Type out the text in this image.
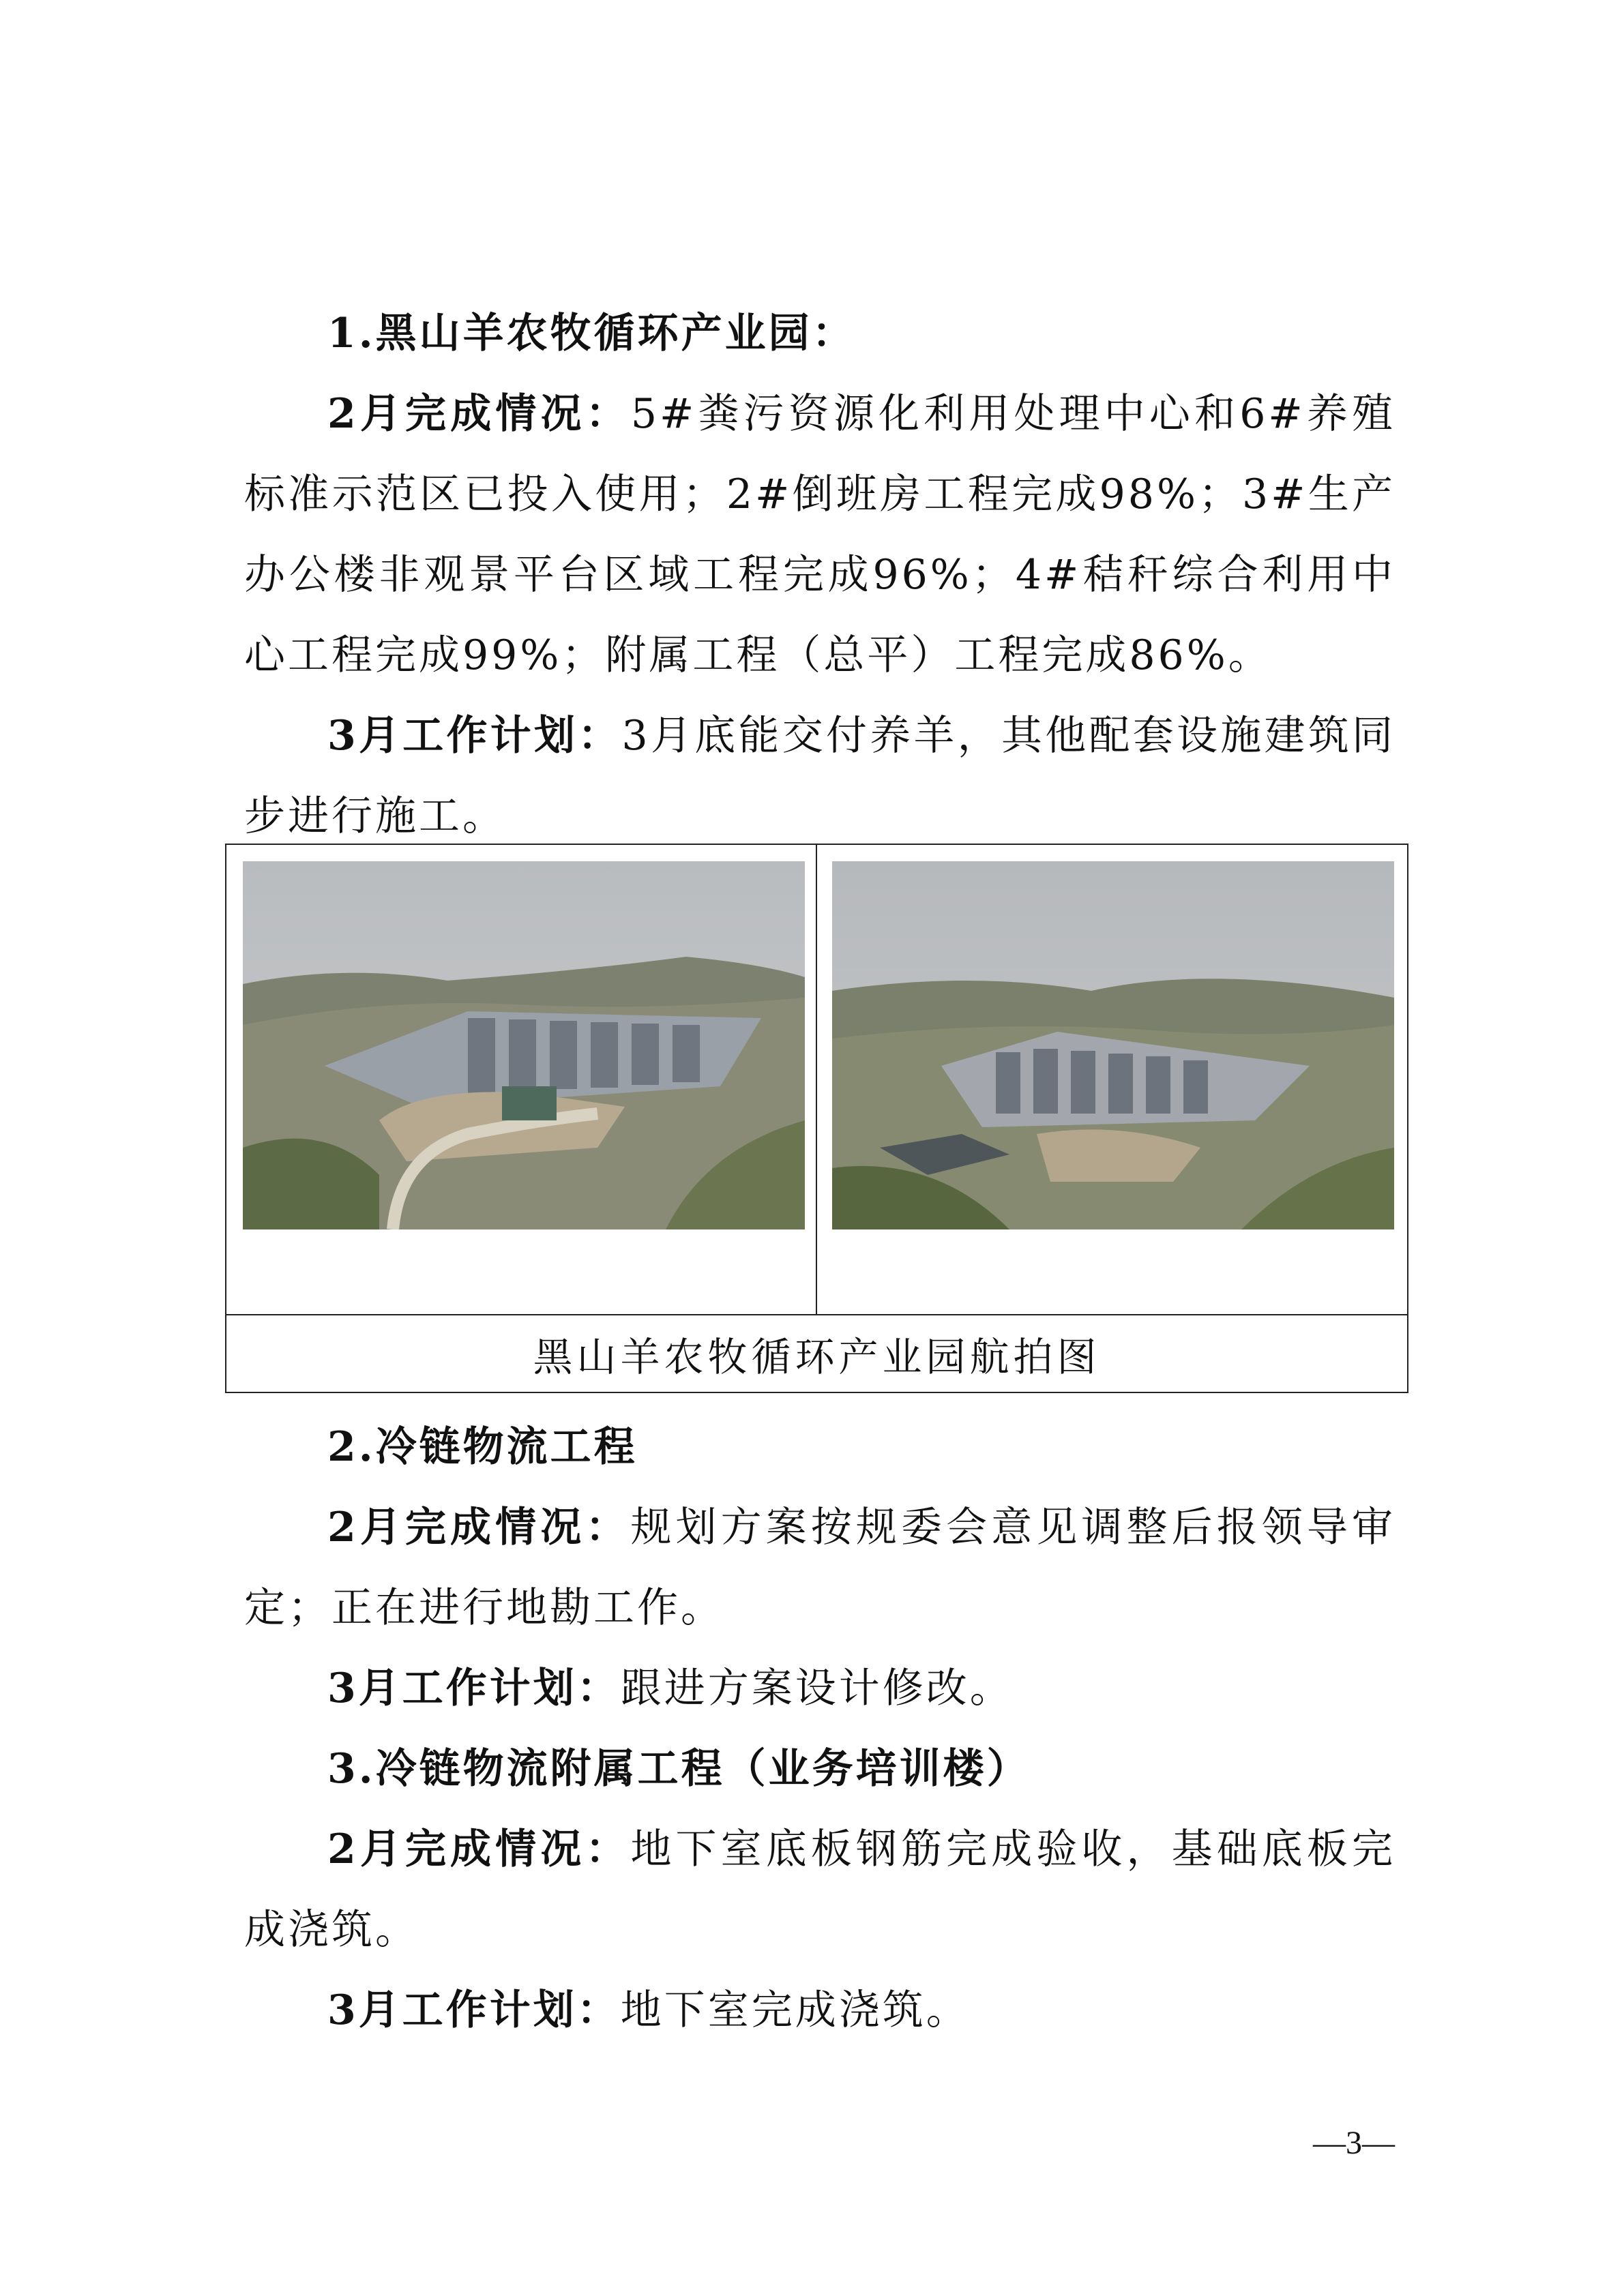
1.黑山羊农牧循环产业园：

2月完成情况：5#粪污资源化利用处理中心和6#养殖标准示范区已投入使用；2#倒班房工程完成98%；3#生产办公楼非观景平台区域工程完成96%；4#秸秆综合利用中心工程完成99%；附属工程（总平）工程完成86%。

3月工作计划：3月底能交付养羊，其他配套设施建筑同步进行施工。

黑山羊农牧循环产业园航拍图

2.冷链物流工程

2月完成情况：规划方案按规委会意见调整后报领导审定；正在进行地勘工作。

3月工作计划：跟进方案设计修改。

3.冷链物流附属工程（业务培训楼）

2月完成情况：地下室底板钢筋完成验收，基础底板完成浇筑。

3月工作计划：地下室完成浇筑。

—3—
